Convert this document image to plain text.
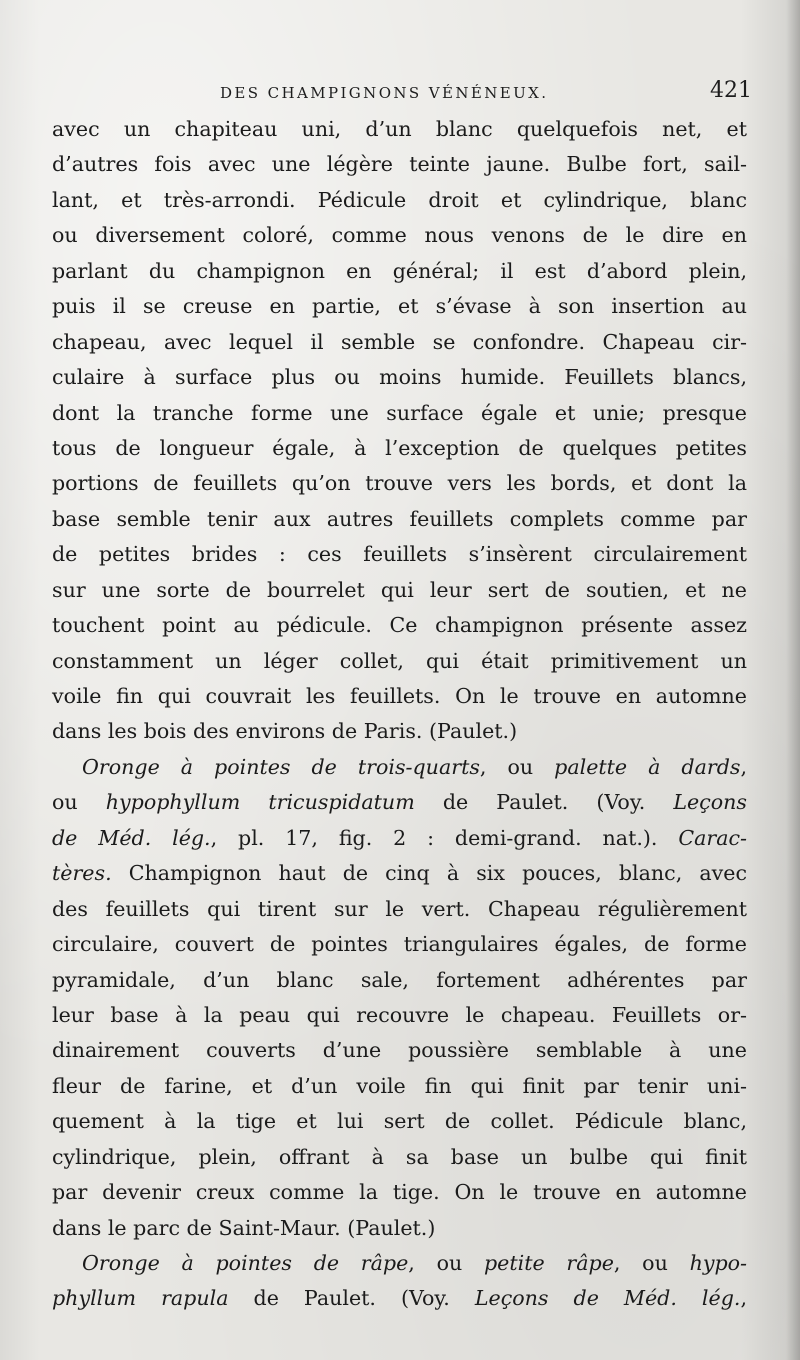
DES CHAMPIGNONS VÉNÉNEUX.	421
avec un chapiteau uni, d’un blanc quelquefois net, et
d’autres fois avec une légère teinte jaune. Bulbe fort, sail-
lant, et très-arrondi. Pédicule droit et cylindrique, blanc
ou diversement coloré, comme nous venons de le dire en
parlant du champignon en général; il est d’abord plein,
puis il se creuse en partie, et s’évase à son insertion au
chapeau, avec lequel il semble se confondre. Chapeau cir-
culaire à surface plus ou moins humide. Feuillets blancs,
dont la tranche forme une surface égale et unie; presque
tous de longueur égale, à l’exception de quelques petites
portions de feuillets qu’on trouve vers les bords, et dont la
base semble tenir aux autres feuillets complets comme par
de petites brides : ces feuillets s’insèrent circulairement
sur une sorte de bourrelet qui leur sert de soutien, et ne
touchent point au pédicule. Ce champignon présente assez
constamment un léger collet, qui était primitivement un
voile fin qui couvrait les feuillets. On le trouve en automne
dans les bois des environs de Paris. (Paulet.)
Oronge à pointes de trois-quarts, ou palette à dards,
ou hypophyllum tricuspidatum de Paulet. (Voy. Leçons
de Méd. lég., pl. 17, fig. 2 : demi-grand. nat.). Carac-
tères. Champignon haut de cinq à six pouces, blanc, avec
des feuillets qui tirent sur le vert. Chapeau régulièrement
circulaire, couvert de pointes triangulaires égales, de forme
pyramidale, d’un blanc sale, fortement adhérentes par
leur base à la peau qui recouvre le chapeau. Feuillets or-
dinairement couverts d’une poussière semblable à une
fleur de farine, et d’un voile fin qui finit par tenir uni-
quement à la tige et lui sert de collet. Pédicule blanc,
cylindrique, plein, offrant à sa base un bulbe qui finit
par devenir creux comme la tige. On le trouve en automne
dans le parc de Saint-Maur. (Paulet.)
Oronge à pointes de râpe, ou petite râpe, ou hypo-
phyllum rapula de Paulet. (Voy. Leçons de Méd. lég.,
